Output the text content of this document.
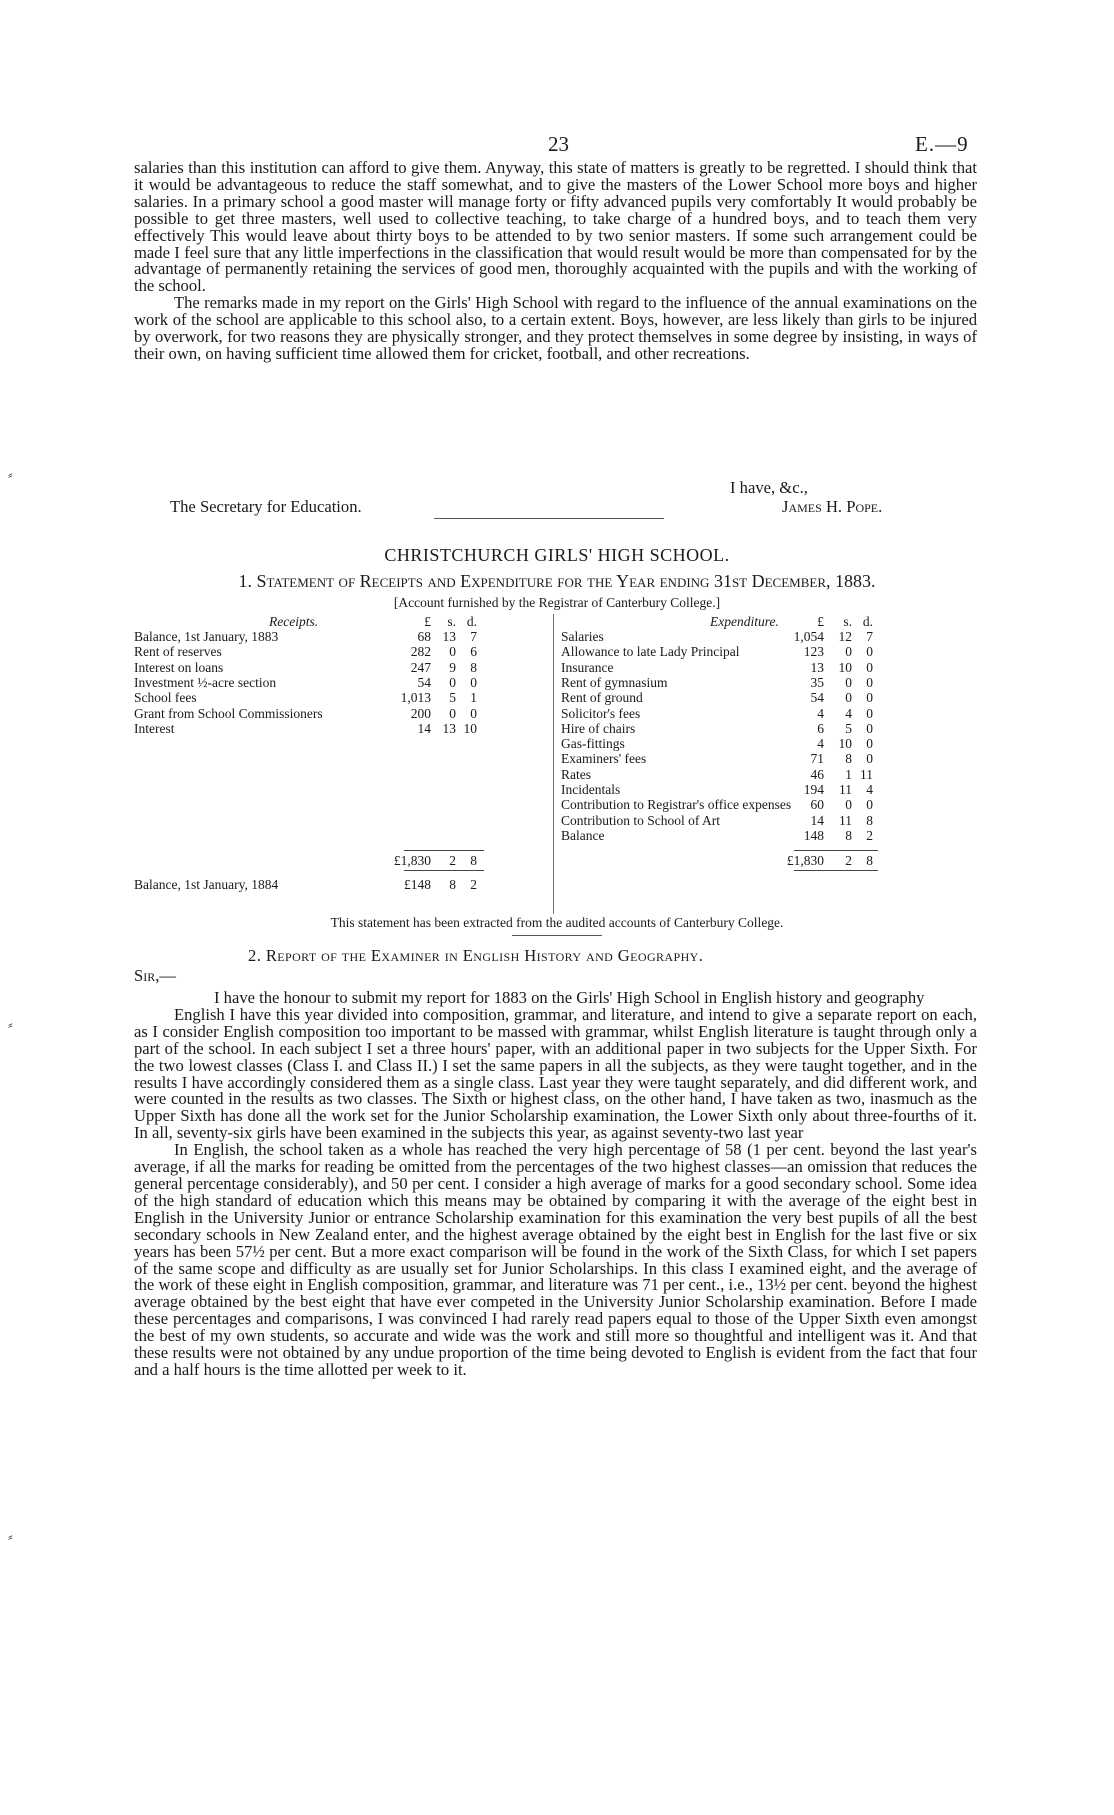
23	E.—9

salaries than this institution can afford to give them. Anyway, this state of matters is greatly to be regretted. I should think that it would be advantageous to reduce the staff somewhat, and to give the masters of the Lower School more boys and higher salaries. In a primary school a good master will manage forty or fifty advanced pupils very comfortably It would probably be possible to get three masters, well used to collective teaching, to take charge of a hundred boys, and to teach them very effectively This would leave about thirty boys to be attended to by two senior masters. If some such arrangement could be made I feel sure that any little imperfections in the classification that would result would be more than compensated for by the advantage of permanently retaining the services of good men, thoroughly acquainted with the pupils and with the working of the school.

The remarks made in my report on the Girls' High School with regard to the influence of the annual examinations on the work of the school are applicable to this school also, to a certain extent. Boys, however, are less likely than girls to be injured by overwork, for two reasons they are physically stronger, and they protect themselves in some degree by insisting, in ways of their own, on having sufficient time allowed them for cricket, football, and other recreations.

I have, &c.,
The Secretary for Education.	James H. Pope.
CHRISTCHURCH GIRLS' HIGH SCHOOL.
1. Statement of Receipts and Expenditure for the Year ending 31st December, 1883.
[Account furnished by the Registrar of Canterbury College.]
Receipts.	Expenditure.
£ s. d.	£ s. d.
Balance, 1st January, 1883	68 13 7
Rent of reserves	282 0 6
Interest on loans	247 9 8
Investment ½-acre section	54 0 0
School fees	1,013 5 1
Grant from School Commissioners	200 0 0
Interest	14 13 10
Salaries	1,054 12 7
Allowance to late Lady Principal	123 0 0
Insurance	13 10 0
Rent of gymnasium	35 0 0
Rent of ground	54 0 0
Solicitor's fees	4 4 0
Hire of chairs	6 5 0
Gas-fittings	4 10 0
Examiners' fees	71 8 0
Rates	46 1 11
Incidentals	194 11 4
Contribution to Registrar's office expenses 60 0 0
Contribution to School of Art	14 11 8
Balance	148 8 2
£1,830 2 8	£1,830 2 8
Balance, 1st January, 1884	£148 8 2
This statement has been extracted from the audited accounts of Canterbury College.
2. Report of the Examiner in English History and Geography.
Sir,—

I have the honour to submit my report for 1883 on the Girls' High School in English history and geography

English I have this year divided into composition, grammar, and literature, and intend to give a separate report on each, as I consider English composition too important to be massed with grammar, whilst English literature is taught through only a part of the school. In each subject I set a three hours' paper, with an additional paper in two subjects for the Upper Sixth. For the two lowest classes (Class I. and Class II.) I set the same papers in all the subjects, as they were taught together, and in the results I have accordingly considered them as a single class. Last year they were taught separately, and did different work, and were counted in the results as two classes. The Sixth or highest class, on the other hand, I have taken as two, inasmuch as the Upper Sixth has done all the work set for the Junior Scholarship examination, the Lower Sixth only about three-fourths of it. In all, seventy-six girls have been examined in the subjects this year, as against seventy-two last year

In English, the school taken as a whole has reached the very high percentage of 58 (1 per cent. beyond the last year's average, if all the marks for reading be omitted from the percentages of the two highest classes—an omission that reduces the general percentage considerably), and 50 per cent. I consider a high average of marks for a good secondary school. Some idea of the high standard of education which this means may be obtained by comparing it with the average of the eight best in English in the University Junior or entrance Scholarship examination for this examination the very best pupils of all the best secondary schools in New Zealand enter, and the highest average obtained by the eight best in English for the last five or six years has been 57½ per cent. But a more exact comparison will be found in the work of the Sixth Class, for which I set papers of the same scope and difficulty as are usually set for Junior Scholarships. In this class I examined eight, and the average of the work of these eight in English composition, grammar, and literature was 71 per cent., i.e., 13½ per cent. beyond the highest average obtained by the best eight that have ever competed in the University Junior Scholarship examination. Before I made these percentages and comparisons, I was convinced I had rarely read papers equal to those of the Upper Sixth even amongst the best of my own students, so accurate and wide was the work and still more so thoughtful and intelligent was it. And that these results were not obtained by any undue proportion of the time being devoted to English is evident from the fact that four and a half hours is the time allotted per week to it.

⸗
⸗
⸗
